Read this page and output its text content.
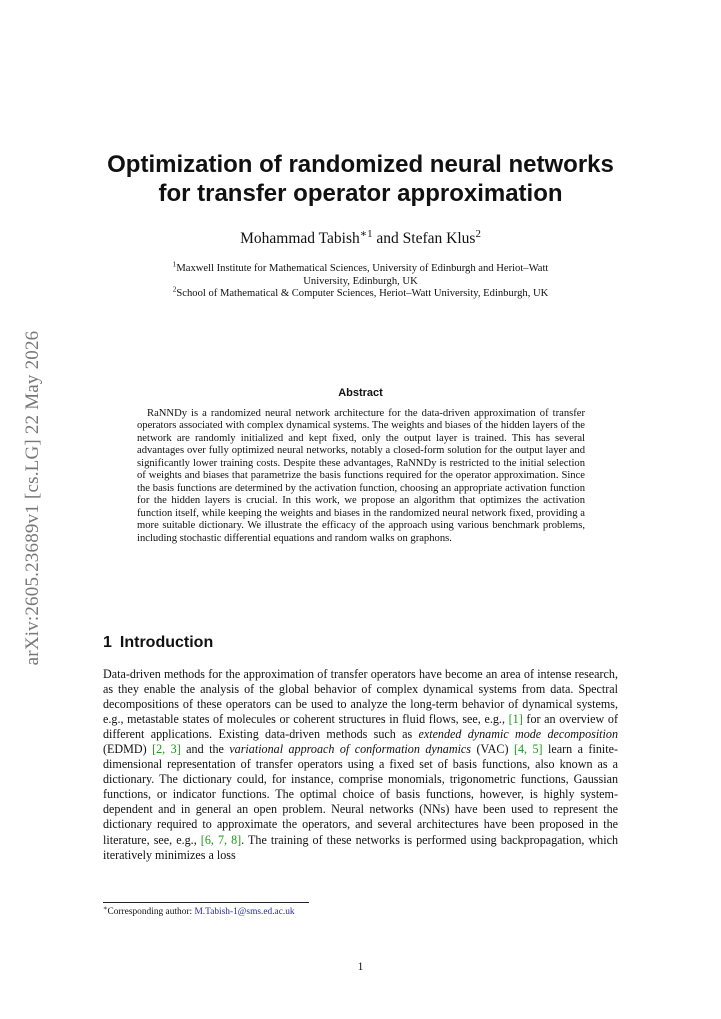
arXiv:2605.23689v1 [cs.LG] 22 May 2026
Optimization of randomized neural networks
for transfer operator approximation
Mohammad Tabish$^{∗1}$ and Stefan Klus$^2$
$^1$Maxwell Institute for Mathematical Sciences, University of Edinburgh and Heriot–Watt
University, Edinburgh, UK
$^2$School of Mathematical & Computer Sciences, Heriot–Watt University, Edinburgh, UK
Abstract

RaNNDy is a randomized neural network architecture for the data-driven approximation of transfer operators associated with complex dynamical systems. The weights and biases of the hidden layers of the network are randomly initialized and kept fixed, only the output layer is trained. This has several advantages over fully optimized neural networks, notably a closed-form solution for the output layer and significantly lower training costs. Despite these advantages, RaNNDy is restricted to the initial selection of weights and biases that parametrize the basis functions required for the operator approximation. Since the basis functions are determined by the activation function, choosing an appropriate activation function for the hidden layers is crucial. In this work, we propose an algorithm that optimizes the activation function itself, while keeping the weights and biases in the randomized neural network fixed, providing a more suitable dictionary. We illustrate the efficacy of the approach using various benchmark problems, including stochastic differential equations and random walks on graphons.

1 Introduction

Data-driven methods for the approximation of transfer operators have become an area of intense research, as they enable the analysis of the global behavior of complex dynamical systems from data. Spectral decompositions of these operators can be used to analyze the long-term behavior of dynamical systems, e.g., metastable states of molecules or coherent structures in fluid flows, see, e.g., [1] for an overview of different applications. Existing data-driven methods such as extended dynamic mode decomposition (EDMD) [2, 3] and the variational approach of conformation dynamics (VAC) [4, 5] learn a finite-dimensional representation of transfer operators using a fixed set of basis functions, also known as a dictionary. The dictionary could, for instance, comprise monomials, trigonometric functions, Gaussian functions, or indicator functions. The optimal choice of basis functions, however, is highly system-dependent and in general an open problem. Neural networks (NNs) have been used to represent the dictionary required to approximate the operators, and several architectures have been proposed in the literature, see, e.g., [6, 7, 8]. The training of these networks is performed using backpropagation, which iteratively minimizes a loss

∗Corresponding author: M.Tabish-1@sms.ed.ac.uk
1
